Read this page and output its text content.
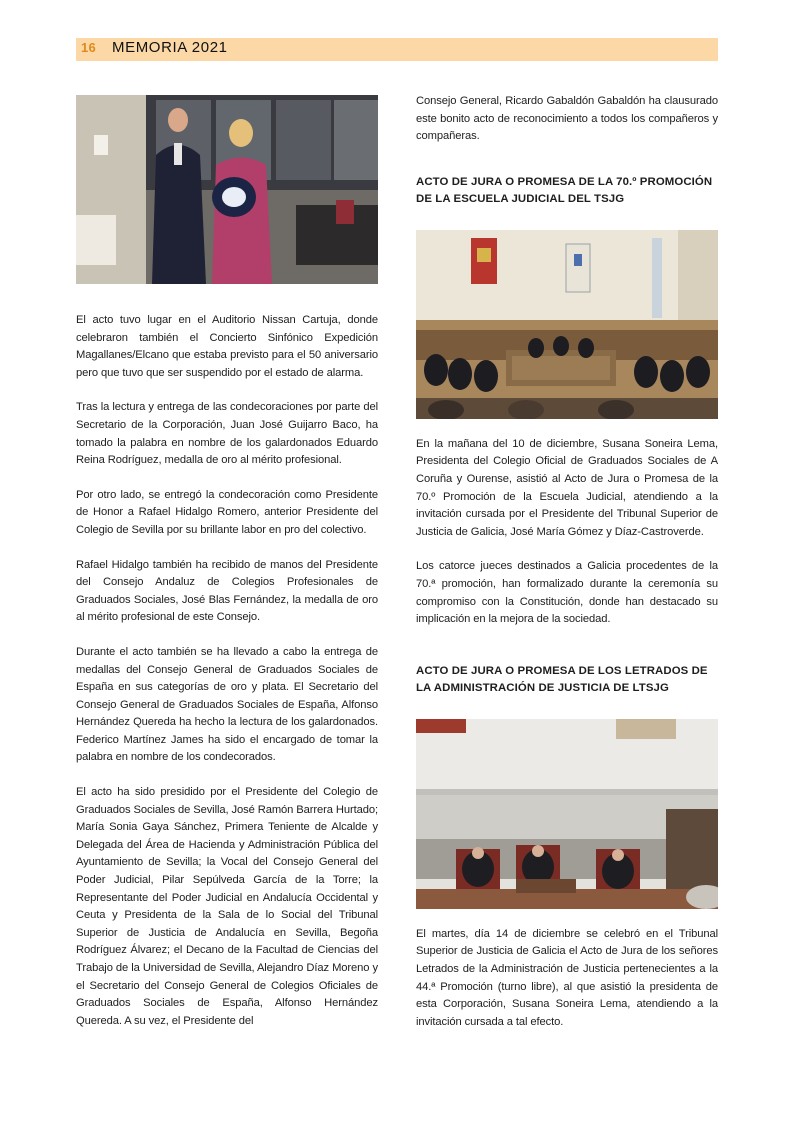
16 MEMORIA 2021

El acto tuvo lugar en el Auditorio Nissan Cartuja, donde celebraron también el Concierto Sinfónico Expedición Magallanes/Elcano que estaba previsto para el 50 aniversario pero que tuvo que ser suspendido por el estado de alarma.

Tras la lectura y entrega de las condecoraciones por parte del Secretario de la Corporación, Juan José Guijarro Baco, ha tomado la palabra en nombre de los galardonados Eduardo Reina Rodríguez, medalla de oro al mérito profesional.

Por otro lado, se entregó la condecoración como Presidente de Honor a Rafael Hidalgo Romero, anterior Presidente del Colegio de Sevilla por su brillante labor en pro del colectivo.

Rafael Hidalgo también ha recibido de manos del Presidente del Consejo Andaluz de Colegios Profesionales de Graduados Sociales, José Blas Fernández, la medalla de oro al mérito profesional de este Consejo.

Durante el acto también se ha llevado a cabo la entrega de medallas del Consejo General de Graduados Sociales de España en sus categorías de oro y plata. El Secretario del Consejo General de Graduados Sociales de España, Alfonso Hernández Quereda ha hecho la lectura de los galardonados. Federico Martínez James ha sido el encargado de tomar la palabra en nombre de los condecorados.

El acto ha sido presidido por el Presidente del Colegio de Graduados Sociales de Sevilla, José Ramón Barrera Hurtado; María Sonia Gaya Sánchez, Primera Teniente de Alcalde y Delegada del Área de Hacienda y Administración Pública del Ayuntamiento de Sevilla; la Vocal del Consejo General del Poder Judicial, Pilar Sepúlveda García de la Torre; la Representante del Poder Judicial en Andalucía Occidental y Ceuta y Presidenta de la Sala de lo Social del Tribunal Superior de Justicia de Andalucía en Sevilla, Begoña Rodríguez Álvarez; el Decano de la Facultad de Ciencias del Trabajo de la Universidad de Sevilla, Alejandro Díaz Moreno y el Secretario del Consejo General de Colegios Oficiales de Graduados Sociales de España, Alfonso Hernández Quereda. A su vez, el Presidente del

Consejo General, Ricardo Gabaldón Gabaldón ha clausurado este bonito acto de reconocimiento a todos los compañeros y compañeras.

ACTO DE JURA O PROMESA DE LA 70.º PROMOCIÓN DE LA ESCUELA JUDICIAL DEL TSJG

En la mañana del 10 de diciembre, Susana Soneira Lema, Presidenta del Colegio Oficial de Graduados Sociales de A Coruña y Ourense, asistió al Acto de Jura o Promesa de la 70.º Promoción de la Escuela Judicial, atendiendo a la invitación cursada por el Presidente del Tribunal Superior de Justicia de Galicia, José María Gómez y Díaz-Castroverde.

Los catorce jueces destinados a Galicia procedentes de la 70.ª promoción, han formalizado durante la ceremonía su compromiso con la Constitución, donde han destacado su implicación en la mejora de la sociedad.

ACTO DE JURA O PROMESA DE LOS LETRADOS DE LA ADMINISTRACIÓN DE JUSTICIA DE LTSJG

El martes, día 14 de diciembre se celebró en el Tribunal Superior de Justicia de Galicia el Acto de Jura de los señores Letrados de la Administración de Justicia pertenecientes a la 44.ª Promoción (turno libre), al que asistió la presidenta de esta Corporación, Susana Soneira Lema, atendiendo a la invitación cursada a tal efecto.
